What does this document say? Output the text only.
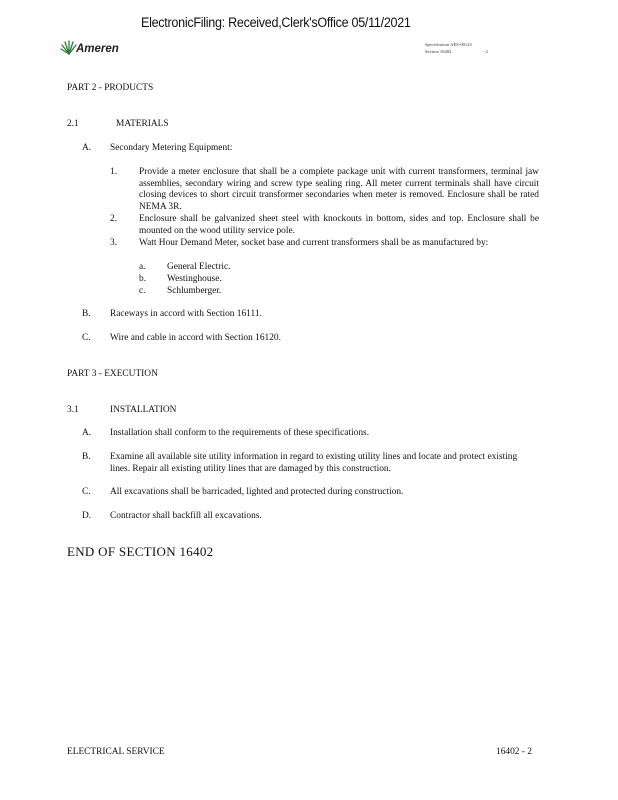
ElectronicFiling: Received,Clerk'sOffice 05/11/2021
Ameren	Specification AES-00123
Section 16402	- 2
PART 2 - PRODUCTS
2.1	MATERIALS
A. Secondary Metering Equipment:
1. Provide a meter enclosure that shall be a complete package unit with current transformers, terminal jaw assemblies, secondary wiring and screw type sealing ring. All meter current terminals shall have circuit closing devices to short circuit transformer secondaries when meter is removed. Enclosure shall be rated NEMA 3R.
2. Enclosure shall be galvanized sheet steel with knockouts in bottom, sides and top. Enclosure shall be mounted on the wood utility service pole.
3. Watt Hour Demand Meter, socket base and current transformers shall be as manufactured by:
a. General Electric.
b. Westinghouse.
c. Schlumberger.
B. Raceways in accord with Section 16111.
C. Wire and cable in accord with Section 16120.
PART 3 - EXECUTION
3.1	INSTALLATION
A. Installation shall conform to the requirements of these specifications.
B. Examine all available site utility information in regard to existing utility lines and locate and protect existing lines. Repair all existing utility lines that are damaged by this construction.
C. All excavations shall be barricaded, lighted and protected during construction.
D. Contractor shall backfill all excavations.
END OF SECTION 16402
ELECTRICAL SERVICE	16402 - 2
